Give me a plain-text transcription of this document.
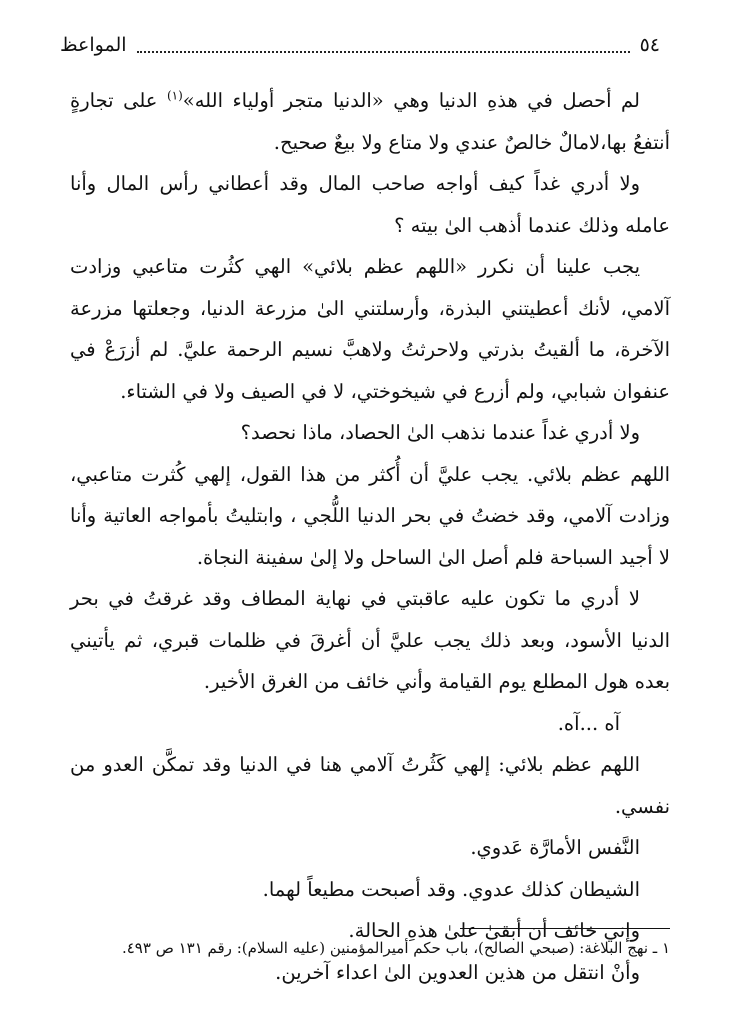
٥٤
المواعظ

لم أحصل في هذهِ الدنيا وهي «الدنيا متجر أولياء الله»$^{(١)}$ على تجارةٍ أنتفعُ بها،لامالٌ خالصٌ عندي ولا متاع ولا بيعٌ صحيح.

ولا أدري غداً كيف أواجه صاحب المال وقد أعطاني رأس المال وأنا عامله وذلك عندما أذهب الىٰ بيته ؟

يجب علينا أن نكرر «اللهم عظم بلائي» الهي كثُرت متاعبي وزادت آلامي، لأنك أعطيتني البذرة، وأرسلتني الىٰ مزرعة الدنيا، وجعلتها مزرعة الآخرة، ما ألقيتُ بذرتي ولاحرثتُ ولاهبَّ نسيم الرحمة عليَّ. لم أزرَعْ في عنفوان شبابي، ولم أزرع في شيخوختي، لا في الصيف ولا في الشتاء.

ولا أدري غداً عندما نذهب الىٰ الحصاد، ماذا نحصد؟

اللهم عظم بلائي. يجب عليَّ أن أُكثر من هذا القول، إلهي كُثرت متاعبي، وزادت آلامي، وقد خضتُ في بحر الدنيا اللُّجي ، وابتليتُ بأمواجه العاتية وأنا لا أجيد السباحة فلم أصل الىٰ الساحل ولا إلىٰ سفينة النجاة.

لا أدري ما تكون عليه عاقبتي في نهاية المطاف وقد غرقتُ في بحر الدنيا الأسود، وبعد ذلك يجب عليَّ أن أغرقَ في ظلمات قبري، ثم يأتيني بعده هول المطلع يوم القيامة وأني خائف من الغرق الأخير.

آه ...آه.

اللهم عظم بلائي: إلهي كَثُرتُ آلامي هنا في الدنيا وقد تمكَّن العدو من نفسي.

النَّفس الأمارَّة عَدوي.

الشيطان كذلك عدوي. وقد أصبحت مطيعاً لهما.

وإني خائف أن أبقىٰ علىٰ هذهِ الحالة.

وأنْ انتقل من هذين العدوين الىٰ اعداء آخرين.

١ ـ نهج البلاغة: (صبحي الصالح)، باب حكم أميرالمؤمنين (عليه السلام): رقم ١٣١ ص ٤٩٣.
